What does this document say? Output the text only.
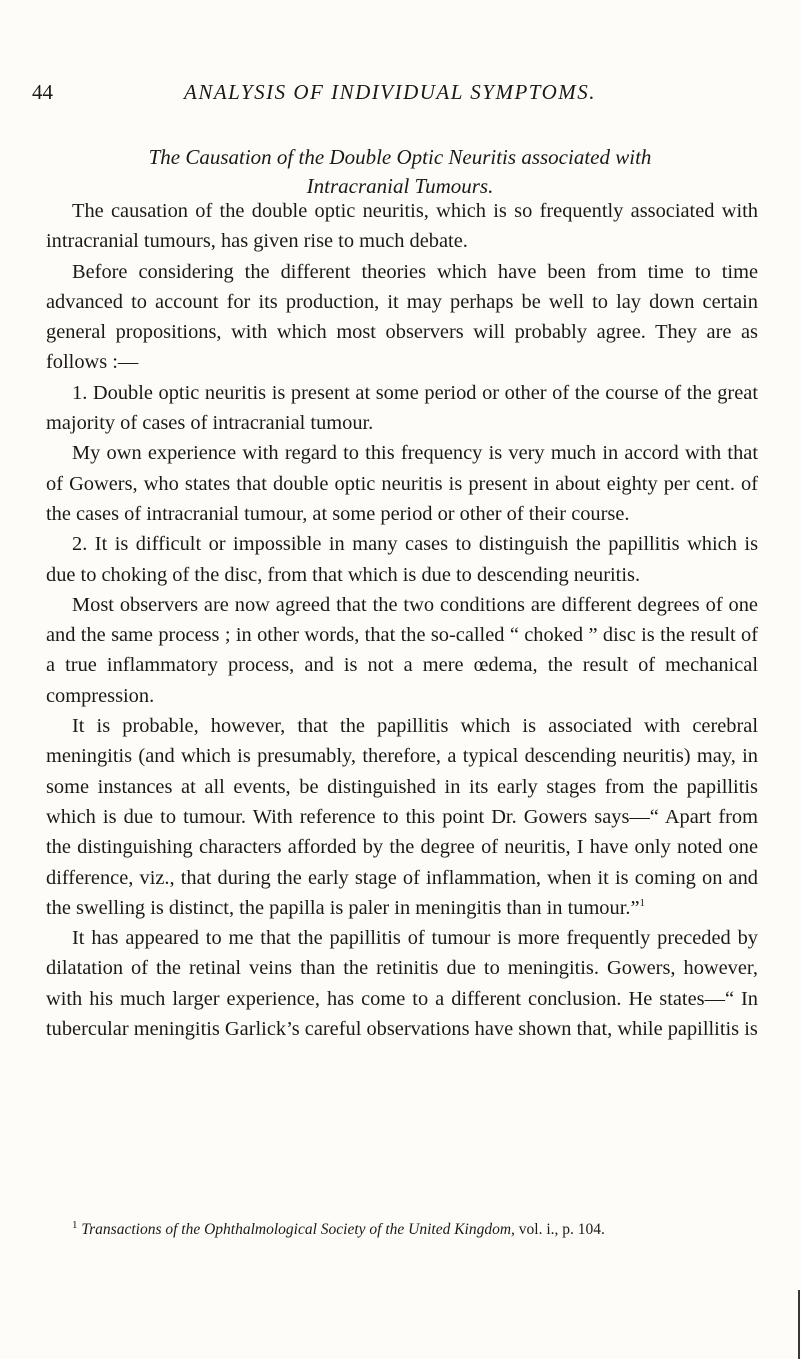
44	ANALYSIS OF INDIVIDUAL SYMPTOMS.
The Causation of the Double Optic Neuritis associated with
Intracranial Tumours.

The causation of the double optic neuritis, which is so frequently associated with intracranial tumours, has given rise to much debate.

Before considering the different theories which have been from time to time advanced to account for its production, it may perhaps be well to lay down certain general propositions, with which most observers will probably agree. They are as follows :—

1. Double optic neuritis is present at some period or other of the course of the great majority of cases of intracranial tumour.

My own experience with regard to this frequency is very much in accord with that of Gowers, who states that double optic neuritis is present in about eighty per cent. of the cases of intracranial tumour, at some period or other of their course.

2. It is difficult or impossible in many cases to distinguish the papillitis which is due to choking of the disc, from that which is due to descending neuritis.

Most observers are now agreed that the two conditions are different degrees of one and the same process ; in other words, that the so-called “ choked ” disc is the result of a true inflammatory process, and is not a mere œdema, the result of mechanical compression.

It is probable, however, that the papillitis which is associated with cerebral meningitis (and which is presumably, therefore, a typical descending neuritis) may, in some instances at all events, be distinguished in its early stages from the papillitis which is due to tumour. With reference to this point Dr. Gowers says—“ Apart from the distinguishing characters afforded by the degree of neuritis, I have only noted one difference, viz., that during the early stage of inflammation, when it is coming on and the swelling is distinct, the papilla is paler in meningitis than in tumour.”$^1$

It has appeared to me that the papillitis of tumour is more frequently preceded by dilatation of the retinal veins than the retinitis due to meningitis. Gowers, however, with his much larger experience, has come to a different conclusion. He states—“ In tubercular meningitis Garlick’s careful observations have shown that, while papillitis is

$^1$ Transactions of the Ophthalmological Society of the United Kingdom, vol. i., p. 104.
